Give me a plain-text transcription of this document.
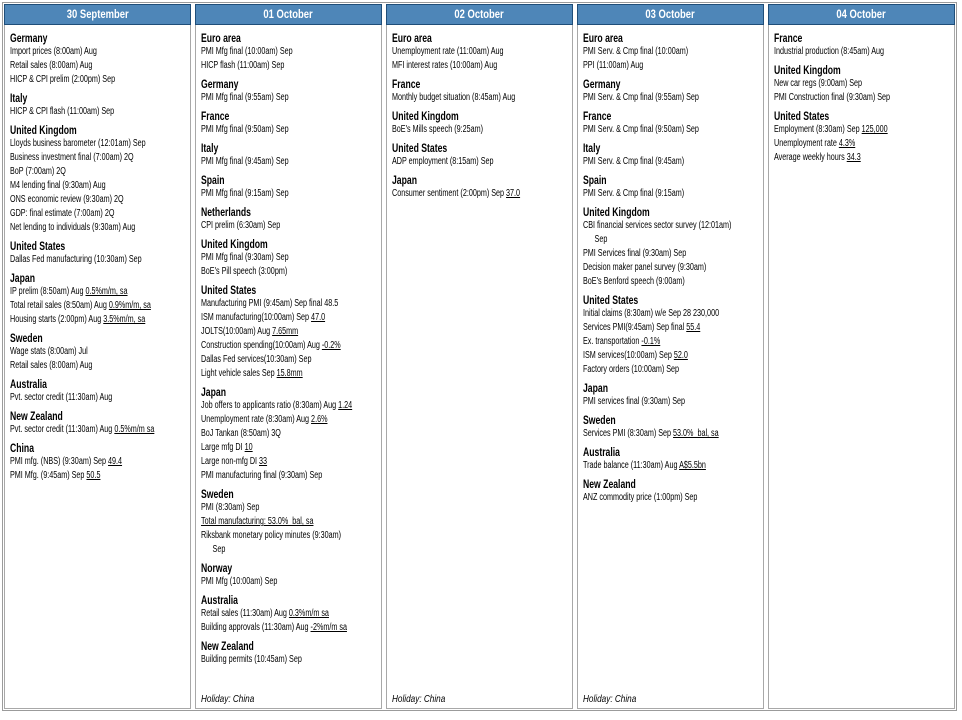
30 September
Germany
Import prices (8:00am) Aug
Retail sales (8:00am) Aug
HICP & CPI prelim (2:00pm) Sep
Italy
HICP & CPI flash (11:00am) Sep
United Kingdom
Lloyds business barometer (12:01am) Sep
Business investment final (7:00am) 2Q
BoP (7:00am) 2Q
M4 lending final (9:30am) Aug
ONS economic review (9:30am) 2Q
GDP: final estimate (7:00am) 2Q
Net lending to individuals (9:30am) Aug
United States
Dallas Fed manufacturing (10:30am) Sep
Japan
IP prelim (8:50am) Aug 0.5%m/m, sa
Total retail sales (8:50am) Aug 0.9%m/m, sa
Housing starts (2:00pm) Aug 3.5%m/m, sa
Sweden
Wage stats (8:00am) Jul
Retail sales (8:00am) Aug
Australia
Pvt. sector credit (11:30am) Aug
New Zealand
Pvt. sector credit (11:30am) Aug 0.5%m/m sa
China
PMI mfg. (NBS) (9:30am) Sep 49.4
PMI Mfg. (9:45am) Sep 50.5
01 October
Euro area
PMI Mfg final (10:00am) Sep
HICP flash (11:00am) Sep
Germany
PMI Mfg final (9:55am) Sep
France
PMI Mfg final (9:50am) Sep
Italy
PMI Mfg final (9:45am) Sep
Spain
PMI Mfg final (9:15am) Sep
Netherlands
CPI prelim (6:30am) Sep
United Kingdom
PMI Mfg final (9:30am) Sep
BoE's Pill speech (3:00pm)
United States
Manufacturing PMI (9:45am) Sep final 48.5
ISM manufacturing(10:00am) Sep 47.0
JOLTS(10:00am) Aug 7.65mm
Construction spending(10:00am) Aug -0.2%
Dallas Fed services(10:30am) Sep
Light vehicle sales Sep 15.8mm
Japan
Job offers to applicants ratio (8:30am) Aug 1.24
Unemployment rate (8:30am) Aug 2.6%
BoJ Tankan (8:50am) 3Q
Large mfg DI 10
Large non-mfg DI 33
PMI manufacturing final (9:30am) Sep
Sweden
PMI (8:30am) Sep
Total manufacturing: 53.0%  bal, sa
Riksbank monetary policy minutes (9:30am)
Sep
Norway
PMI Mfg (10:00am) Sep
Australia
Retail sales (11:30am) Aug 0.3%m/m sa
Building approvals (11:30am) Aug -2%m/m sa
New Zealand
Building permits (10:45am) Sep
Holiday: China
02 October
Euro area
Unemployment rate (11:00am) Aug
MFI interest rates (10:00am) Aug
France
Monthly budget situation (8:45am) Aug
United Kingdom
BoE's Mills speech (9:25am)
United States
ADP employment (8:15am) Sep
Japan
Consumer sentiment (2:00pm) Sep 37.0
Holiday: China
03 October
Euro area
PMI Serv. & Cmp final (10:00am)
PPI (11:00am) Aug
Germany
PMI Serv. & Cmp final (9:55am) Sep
France
PMI Serv. & Cmp final (9:50am) Sep
Italy
PMI Serv. & Cmp final (9:45am)
Spain
PMI Serv. & Cmp final (9:15am)
United Kingdom
CBI financial services sector survey (12:01am)
Sep
PMI Services final (9:30am) Sep
Decision maker panel survey (9:30am)
BoE's Benford speech (9:00am)
United States
Initial claims (8:30am) w/e Sep 28 230,000
Services PMI(9:45am) Sep final 55.4
Ex. transportation -0.1%
ISM services(10:00am) Sep 52.0
Factory orders (10:00am) Sep
Japan
PMI services final (9:30am) Sep
Sweden
Services PMI (8:30am) Sep 53.0%  bal, sa
Australia
Trade balance (11:30am) Aug A$5.5bn
New Zealand
ANZ commodity price (1:00pm) Sep
Holiday: China
04 October
France
Industrial production (8:45am) Aug
United Kingdom
New car regs (9:00am) Sep
PMI Construction final (9:30am) Sep
United States
Employment (8:30am) Sep 125,000
Unemployment rate 4.3%
Average weekly hours 34.3
